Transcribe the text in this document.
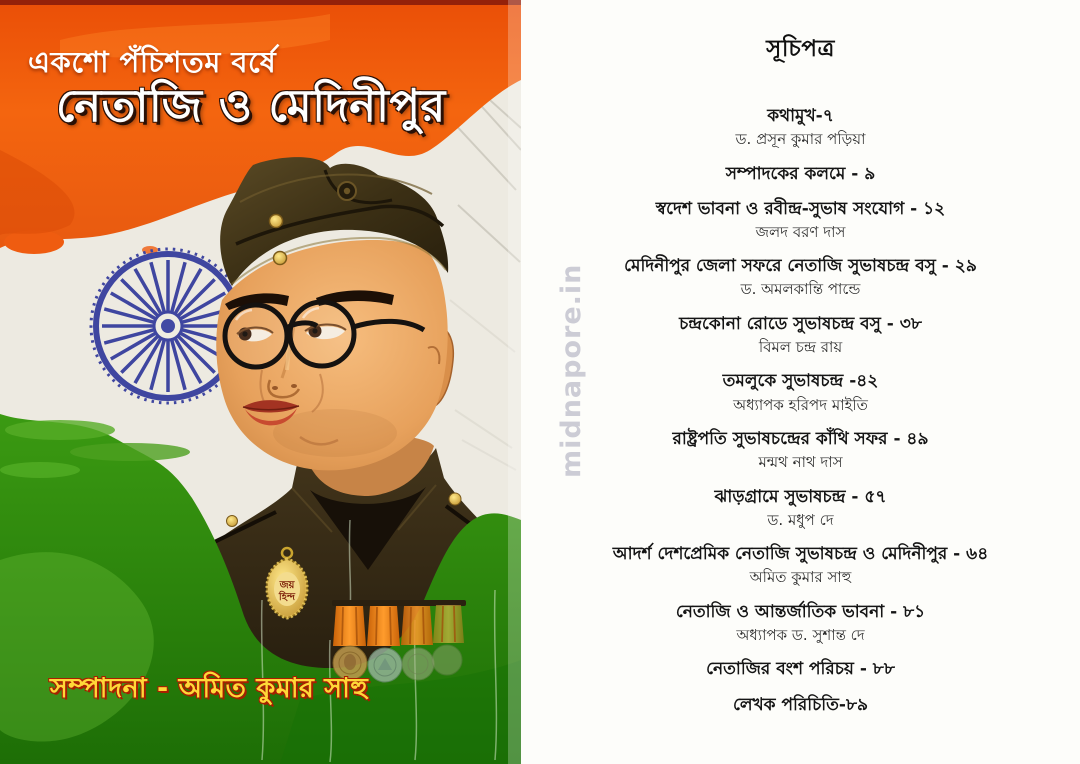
জয়
হিন্দ
একশো পঁচিশতম বর্ষে
নেতাজি ও মেদিনীপুর
সম্পাদনা - অমিত কুমার সাহু
সূচিপত্র
কথামুখ-৭
ড. প্রসূন কুমার পড়িয়া
সম্পাদকের কলমে - ৯
স্বদেশ ভাবনা ও রবীন্দ্র-সুভাষ সংযোগ - ১২
জলদ বরণ দাস
মেদিনীপুর জেলা সফরে নেতাজি সুভাষচন্দ্র বসু - ২৯
ড. অমলকান্তি পান্ডে
চন্দ্রকোনা রোডে সুভাষচন্দ্র বসু - ৩৮
বিমল চন্দ্র রায়
তমলুকে সুভাষচন্দ্র -৪২
অধ্যাপক হরিপদ মাইতি
রাষ্ট্রপতি সুভাষচন্দ্রের কাঁথি সফর - ৪৯
মন্মথ নাথ দাস
ঝাড়গ্রামে সুভাষচন্দ্র - ৫৭
ড. মধুপ দে
আদর্শ দেশপ্রেমিক নেতাজি সুভাষচন্দ্র ও মেদিনীপুর - ৬৪
অমিত কুমার সাহু
নেতাজি ও আন্তর্জাতিক ভাবনা - ৮১
অধ্যাপক ড. সুশান্ত দে
নেতাজির বংশ পরিচয় - ৮৮
লেখক পরিচিতি-৮৯
midnapore.in
